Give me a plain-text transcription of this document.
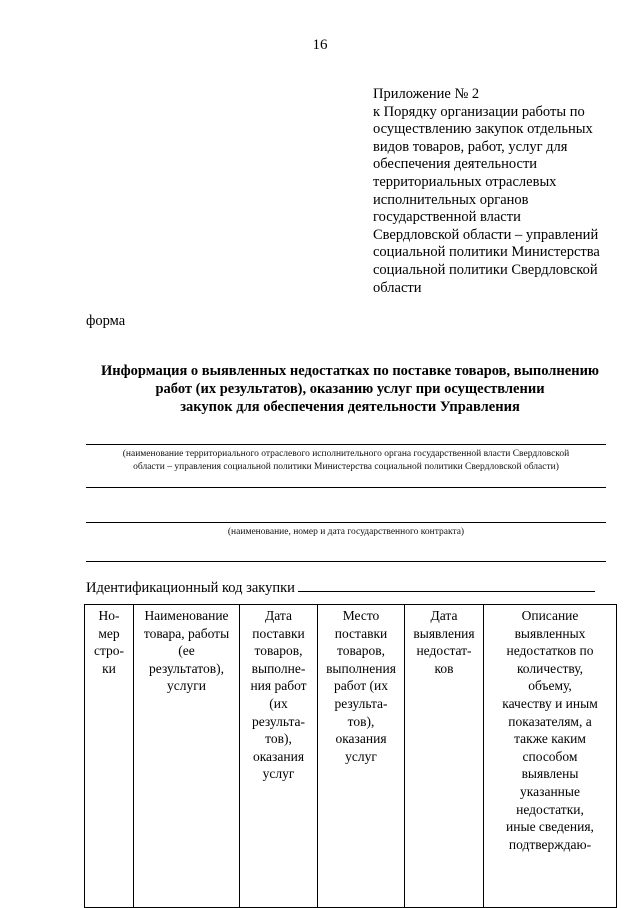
16
Приложение № 2
к Порядку организации работы по
осуществлению закупок отдельных
видов товаров, работ, услуг для
обеспечения деятельности
территориальных отраслевых
исполнительных органов
государственной власти
Свердловской области – управлений
социальной политики Министерства
социальной политики Свердловской
области
форма
Информация о выявленных недостатках по поставке товаров, выполнению
работ (их результатов), оказанию услуг при осуществлении
закупок для обеспечения деятельности Управления
(наименование территориального отраслевого исполнительного органа государственной власти Свердловской
области – управления социальной политики Министерства социальной политики Свердловской области)
(наименование, номер и дата государственного контракта)
Идентификационный код закупки
Но-
мер
стро-
ки	Наименование
товара, работы
(ее
результатов),
услуги	Дата
поставки
товаров,
выполне-
ния работ
(их
результа-
тов),
оказания
услуг	Место
поставки
товаров,
выполнения
работ (их
результа-
тов),
оказания
услуг	Дата
выявления
недостат-
ков	Описание
выявленных
недостатков по
количеству,
объему,
качеству и иным
показателям, а
также каким
способом
выявлены
указанные
недостатки,
иные сведения,
подтверждаю-
